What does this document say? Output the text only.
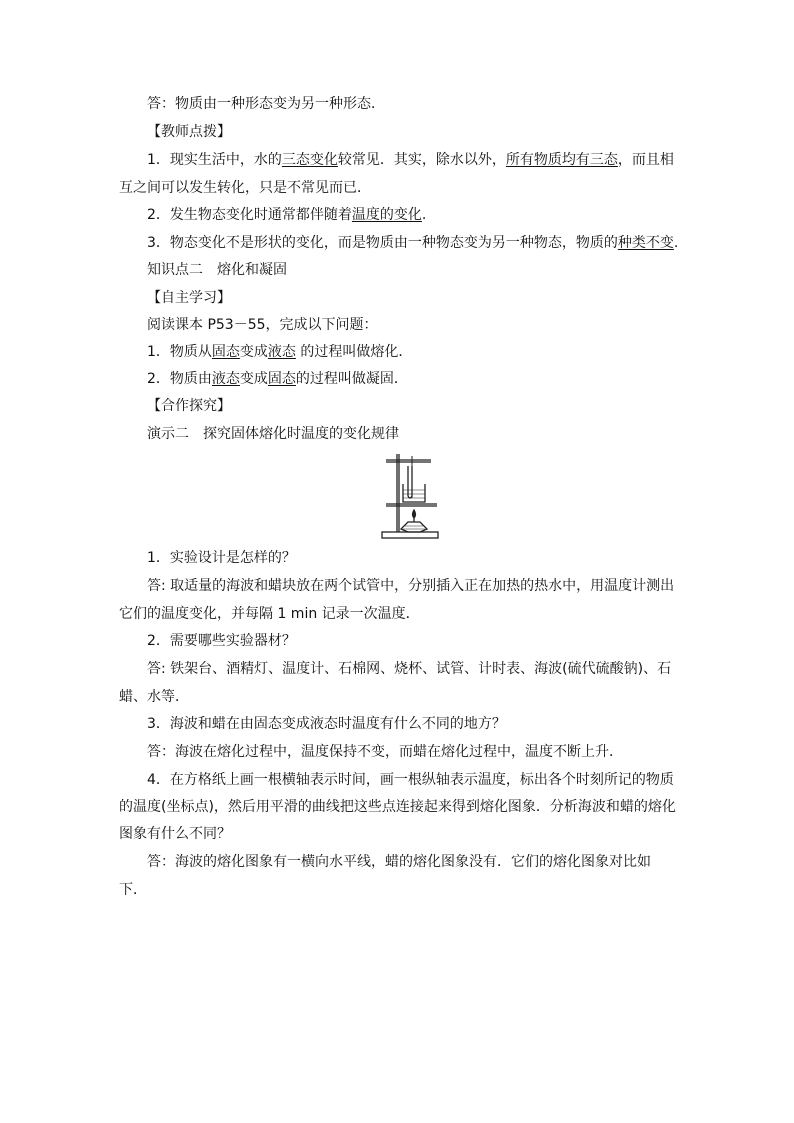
答：物质由一种形态变为另一种形态．
【教师点拨】
1．现实生活中，水的三态变化较常见．其实，除水以外，所有物质均有三态，而且相
互之间可以发生转化，只是不常见而已．
2．发生物态变化时通常都伴随着温度的变化.
3．物态变化不是形状的变化，而是物质由一种物态变为另一种物态，物质的种类不变.
知识点二　熔化和凝固
【自主学习】
阅读课本 P53－55，完成以下问题：
1．物质从固态变成液态 的过程叫做熔化．
2．物质由液态变成固态的过程叫做凝固．
【合作探究】
演示二　探究固体熔化时温度的变化规律
1．实验设计是怎样的？
答: 取适量的海波和蜡块放在两个试管中，分别插入正在加热的热水中，用温度计测出
它们的温度变化，并每隔 1 min 记录一次温度．
2．需要哪些实验器材？
答: 铁架台、酒精灯、温度计、石棉网、烧杯、试管、计时表、海波(硫代硫酸钠)、石
蜡、水等．
3．海波和蜡在由固态变成液态时温度有什么不同的地方？
答：海波在熔化过程中，温度保持不变，而蜡在熔化过程中，温度不断上升．
4．在方格纸上画一根横轴表示时间，画一根纵轴表示温度，标出各个时刻所记的物质
的温度(坐标点)，然后用平滑的曲线把这些点连接起来得到熔化图象．分析海波和蜡的熔化
图象有什么不同？
答：海波的熔化图象有一横向水平线，蜡的熔化图象没有．它们的熔化图象对比如
下．
